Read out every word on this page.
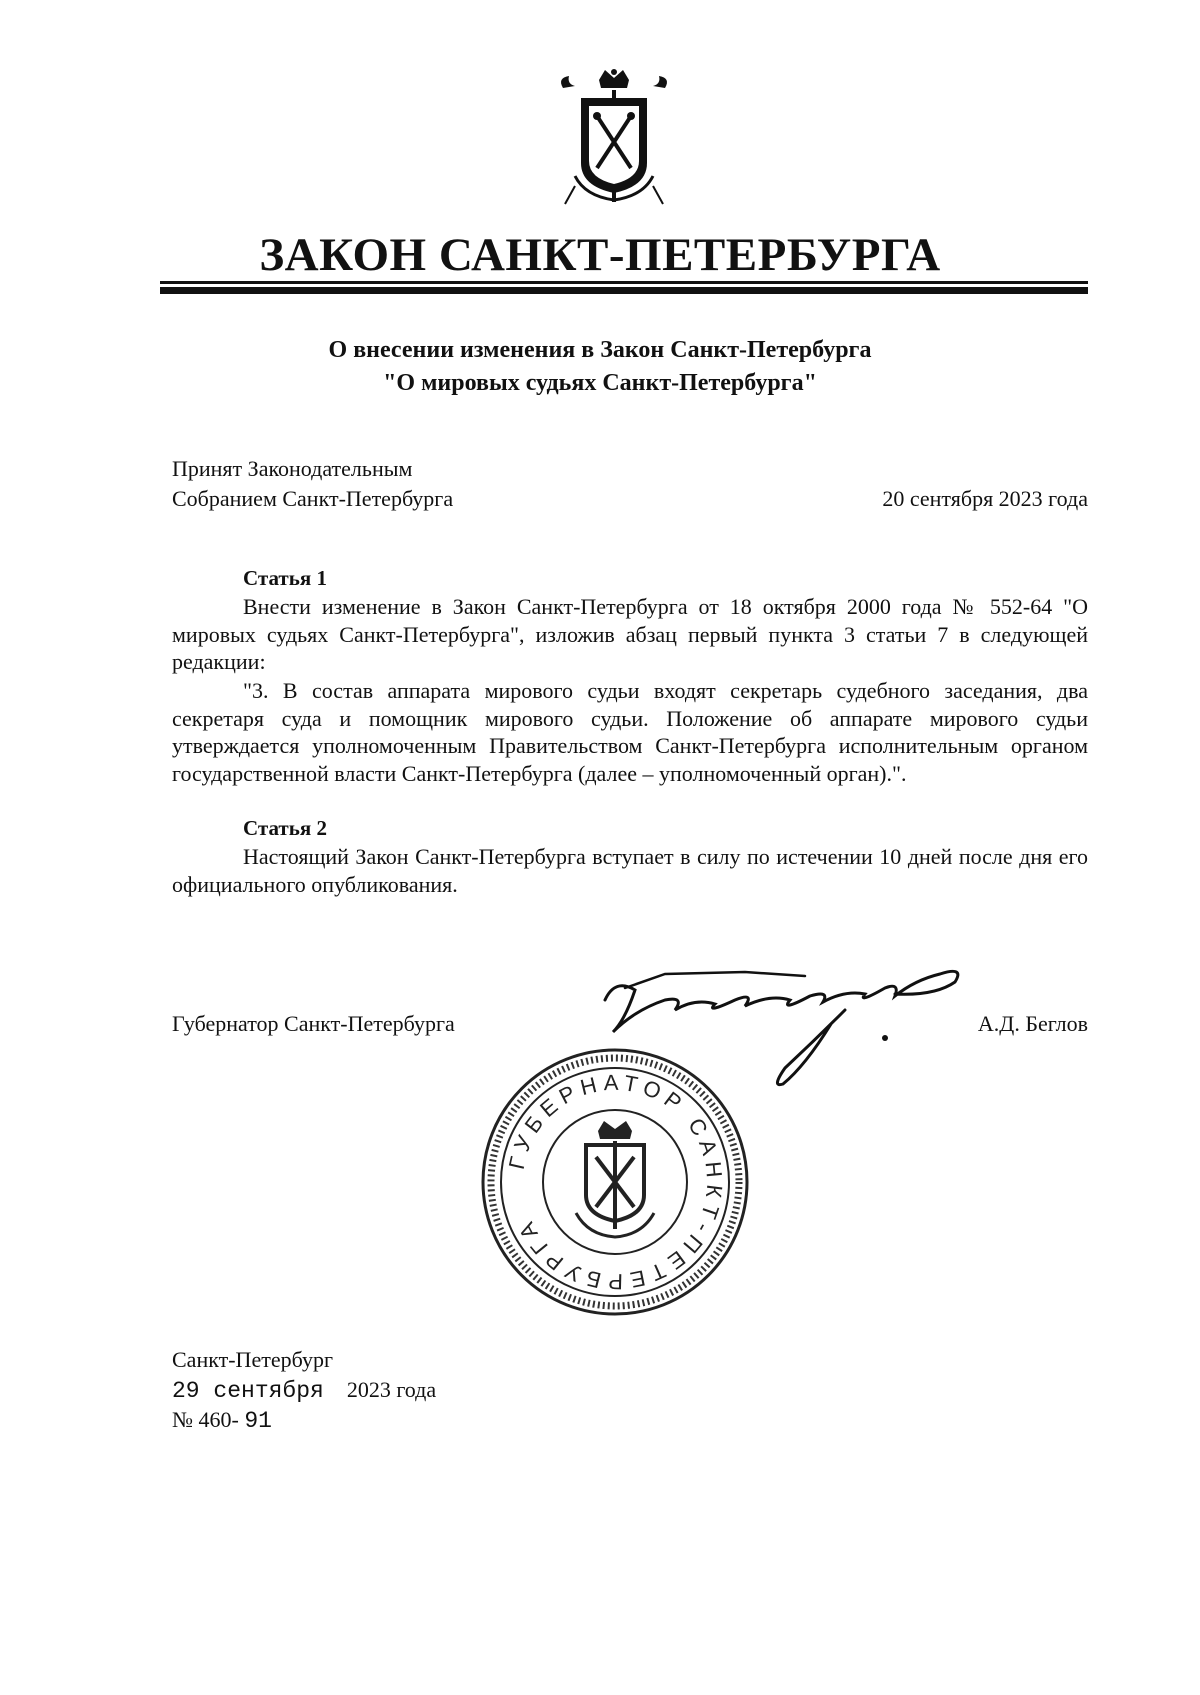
ЗАКОН САНКТ-ПЕТЕРБУРГА
О внесении изменения в Закон Санкт-Петербурга
"О мировых судьях Санкт-Петербурга"
Принят Законодательным
Собранием Санкт-Петербурга	20 сентября 2023 года
Статья 1

Внести изменение в Закон Санкт-Петербурга от 18 октября 2000 года № 552-64 "О мировых судьях Санкт-Петербурга", изложив абзац первый пункта 3 статьи 7 в следующей редакции:

"3. В состав аппарата мирового судьи входят секретарь судебного заседания, два секретаря суда и помощник мирового судьи. Положение об аппарате мирового судьи утверждается уполномоченным Правительством Санкт-Петербурга исполнительным органом государственной власти Санкт-Петербурга (далее – уполномоченный орган).".

Статья 2

Настоящий Закон Санкт-Петербурга вступает в силу по истечении 10 дней после дня его официального опубликования.

Губернатор Санкт-Петербурга	А.Д. Беглов
ГУБЕРНАТОР САНКТ-ПЕТЕРБУРГА
Санкт-Петербург
29 сентября 2023 года
№ 460- 91
